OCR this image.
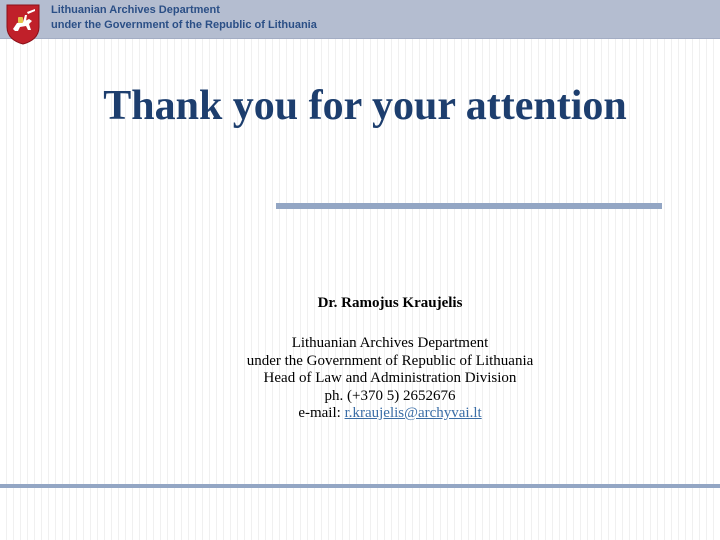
Lithuanian Archives Department
under the Government of the Republic of Lithuania
Thank you for your attention
Dr. Ramojus Kraujelis
Lithuanian Archives Department
under the Government of Republic of Lithuania
Head of Law and Administration Division
ph. (+370 5) 2652676
e-mail: r.kraujelis@archyvai.lt
